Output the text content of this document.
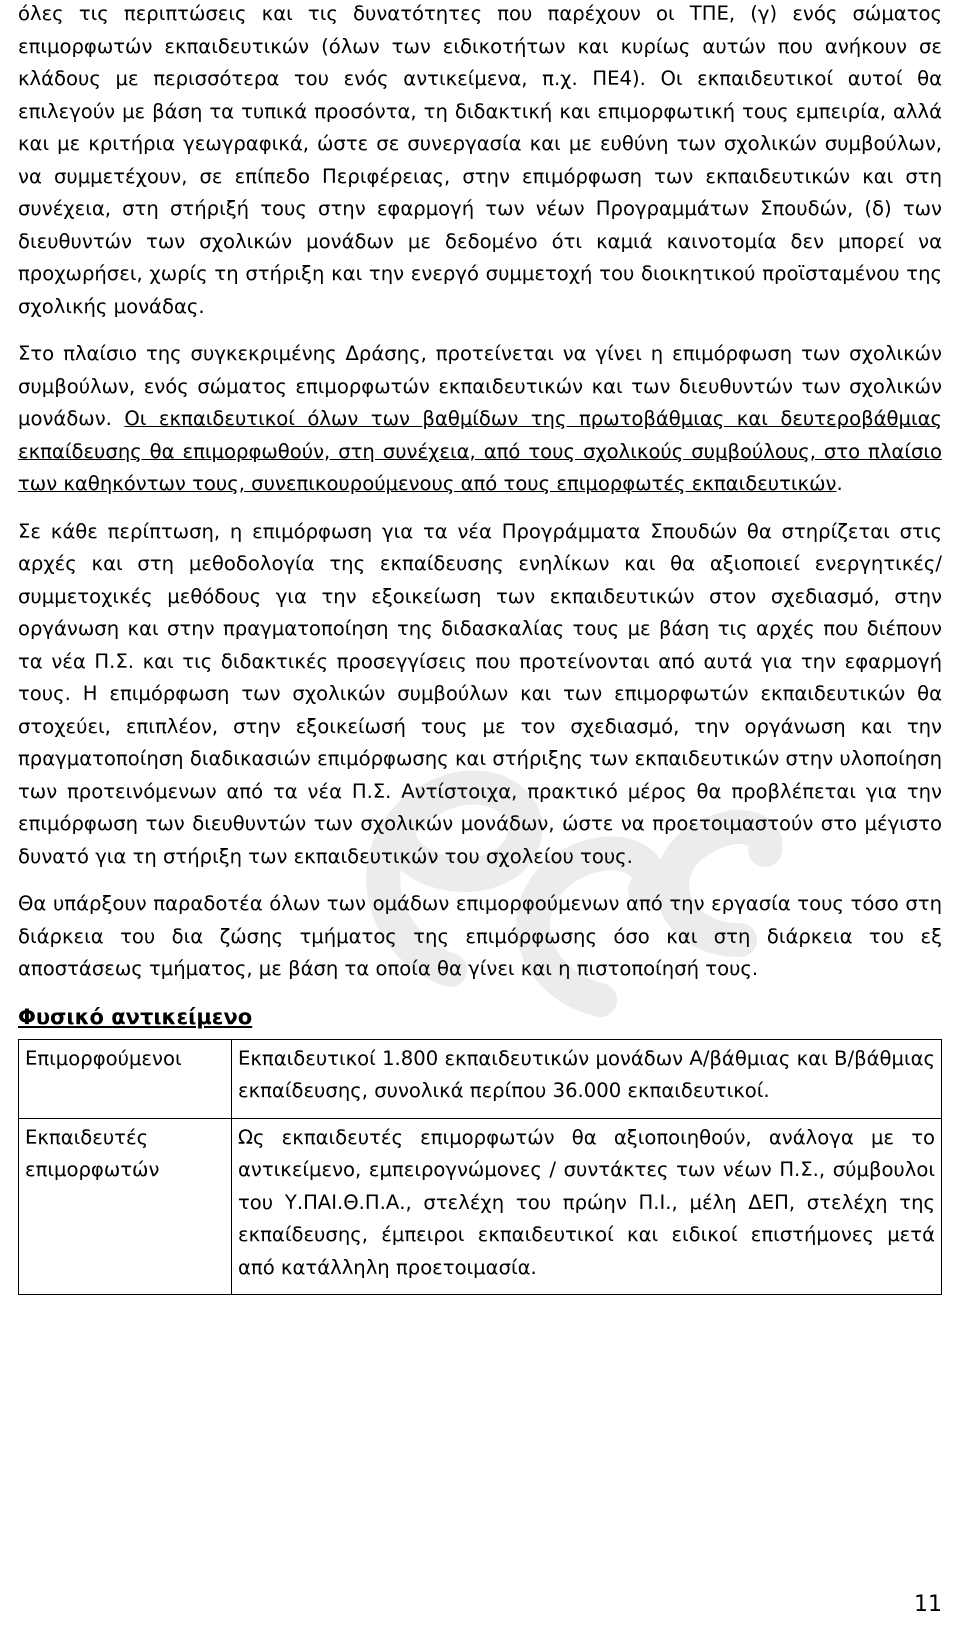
όλες τις περιπτώσεις και τις δυνατότητες που παρέχουν οι ΤΠΕ, (γ) ενός σώματος επιμορφωτών εκπαιδευτικών (όλων των ειδικοτήτων και κυρίως αυτών που ανήκουν σε κλάδους με περισσότερα του ενός αντικείμενα, π.χ. ΠΕ4). Οι εκπαιδευτικοί αυτοί θα επιλεγούν με βάση τα τυπικά προσόντα, τη διδακτική και επιμορφωτική τους εμπειρία, αλλά και με κριτήρια γεωγραφικά, ώστε σε συνεργασία και με ευθύνη των σχολικών συμβούλων, να συμμετέχουν, σε επίπεδο Περιφέρειας, στην επιμόρφωση των εκπαιδευτικών και στη συνέχεια, στη στήριξή τους στην εφαρμογή των νέων Προγραμμάτων Σπουδών, (δ) των διευθυντών των σχολικών μονάδων με δεδομένο ότι καμιά καινοτομία δεν μπορεί να προχωρήσει, χωρίς τη στήριξη και την ενεργό συμμετοχή του διοικητικού προϊσταμένου της σχολικής μονάδας.

Στο πλαίσιο της συγκεκριμένης Δράσης, προτείνεται να γίνει η επιμόρφωση των σχολικών συμβούλων, ενός σώματος επιμορφωτών εκπαιδευτικών και των διευθυντών των σχολικών μονάδων. Οι εκπαιδευτικοί όλων των βαθμίδων της πρωτοβάθμιας και δευτεροβάθμιας εκπαίδευσης θα επιμορφωθούν, στη συνέχεια, από τους σχολικούς συμβούλους, στο πλαίσιο των καθηκόντων τους, συνεπικουρούμενους από τους επιμορφωτές εκπαιδευτικών.

Σε κάθε περίπτωση, η επιμόρφωση για τα νέα Προγράμματα Σπουδών θα στηρίζεται στις αρχές και στη μεθοδολογία της εκπαίδευσης ενηλίκων και θα αξιοποιεί ενεργητικές/συμμετοχικές μεθόδους για την εξοικείωση των εκπαιδευτικών στον σχεδιασμό, στην οργάνωση και στην πραγματοποίηση της διδασκαλίας τους με βάση τις αρχές που διέπουν τα νέα Π.Σ. και τις διδακτικές προσεγγίσεις που προτείνονται από αυτά για την εφαρμογή τους. Η επιμόρφωση των σχολικών συμβούλων και των επιμορφωτών εκπαιδευτικών θα στοχεύει, επιπλέον, στην εξοικείωσή τους με τον σχεδιασμό, την οργάνωση και την πραγματοποίηση διαδικασιών επιμόρφωσης και στήριξης των εκπαιδευτικών στην υλοποίηση των προτεινόμενων από τα νέα Π.Σ. Αντίστοιχα, πρακτικό μέρος θα προβλέπεται για την επιμόρφωση των διευθυντών των σχολικών μονάδων, ώστε να προετοιμαστούν στο μέγιστο δυνατό για τη στήριξη των εκπαιδευτικών του σχολείου τους.

Θα υπάρξουν παραδοτέα όλων των ομάδων επιμορφούμενων από την εργασία τους τόσο στη διάρκεια του δια ζώσης τμήματος της επιμόρφωσης όσο και στη διάρκεια του εξ αποστάσεως τμήματος, με βάση τα οποία θα γίνει και η πιστοποίησή τους.

Φυσικό αντικείμενο
Επιμορφούμενοι	Εκπαιδευτικοί 1.800 εκπαιδευτικών μονάδων Α/βάθμιας και Β/βάθμιας εκπαίδευσης, συνολικά περίπου 36.000 εκπαιδευτικοί.
Εκπαιδευτές επιμορφωτών	Ως εκπαιδευτές επιμορφωτών θα αξιοποιηθούν, ανάλογα με το αντικείμενο, εμπειρογνώμονες / συντάκτες των νέων Π.Σ., σύμβουλοι του Υ.ΠΑΙ.Θ.Π.Α., στελέχη του πρώην Π.Ι., μέλη ΔΕΠ, στελέχη της εκπαίδευσης, έμπειροι εκπαιδευτικοί και ειδικοί επιστήμονες μετά από κατάλληλη προετοιμασία.
11
